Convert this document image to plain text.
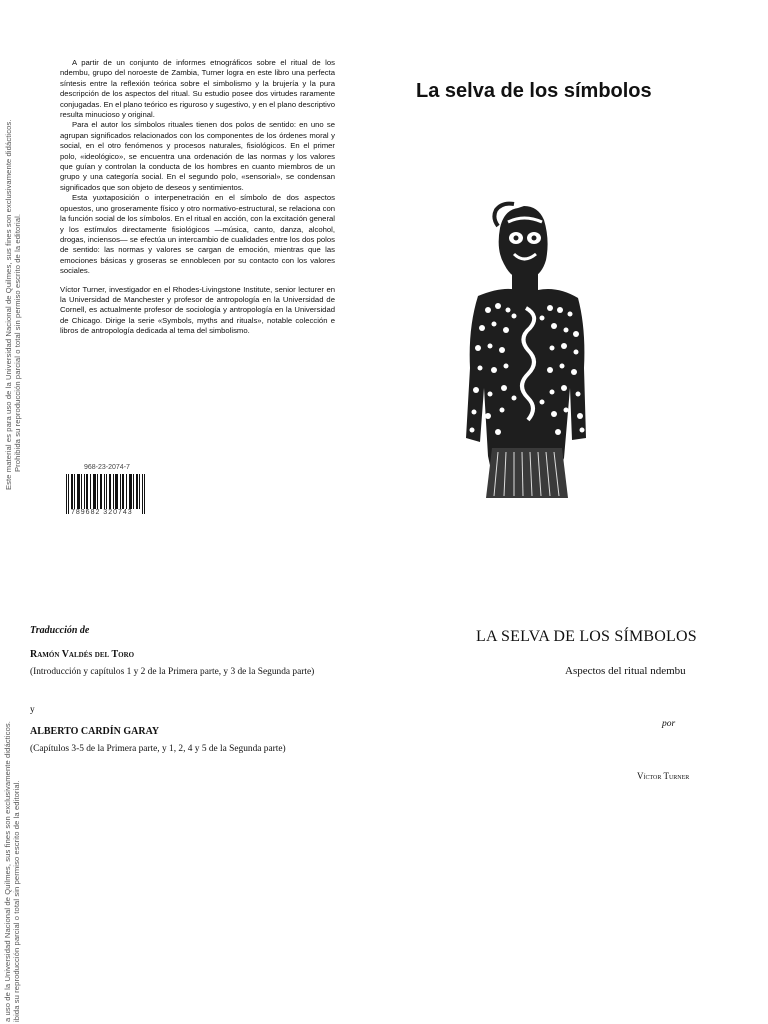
Este material es para uso de la Universidad Nacional de Quilmes, sus fines son exclusivamente didácticos. Prohibida su reproducción parcial o total sin permiso escrito de la editorial.
a uso de la Universidad Nacional de Quilmes, sus fines son exclusivamente didácticos. ibida su reproducción parcial o total sin permiso escrito de la editorial.

A partir de un conjunto de informes etnográficos sobre el ritual de los ndembu, grupo del noroeste de Zambia, Turner logra en este libro una perfecta síntesis entre la reflexión teórica sobre el simbolismo y la brujería y la pura descripción de los aspectos del ritual. Su estudio posee dos virtudes raramente conjugadas. En el plano teórico es riguroso y sugestivo, y en el plano descriptivo resulta minucioso y original.

Para el autor los símbolos rituales tienen dos polos de sentido: en uno se agrupan significados relacionados con los componentes de los órdenes moral y social, en el otro fenómenos y procesos naturales, fisiológicos. En el primer polo, «ideológico», se encuentra una ordenación de las normas y los valores que guían y controlan la conducta de los hombres en cuanto miembros de un grupo y una categoría social. En el segundo polo, «sensorial», se condensan significados que son objeto de deseos y sentimientos.

Esta yuxtaposición o interpenetración en el símbolo de dos aspectos opuestos, uno groseramente físico y otro normativo-estructural, se relaciona con la función social de los símbolos. En el ritual en acción, con la excitación general y los estímulos directamente fisiológicos —música, canto, danza, alcohol, drogas, inciensos— se efectúa un intercambio de cualidades entre los dos polos de sentido: las normas y valores se cargan de emoción, mientras que las emociones básicas y groseras se ennoblecen por su contacto con los valores sociales.

Víctor Turner, investigador en el Rhodes-Livingstone Institute, senior lecturer en la Universidad de Manchester y profesor de antropología en la Universidad de Cornell, es actualmente profesor de sociología y antropología en la Universidad de Chicago. Dirige la serie «Symbols, myths and rituals», notable colección e libros de antropología dedicada al tema del simbolismo.

968-23-2074-7
789682 320743
La selva de los símbolos
Traducción de
Ramón Valdés del Toro
(Introducción y capítulos 1 y 2 de la Primera parte, y 3 de la Segunda parte)
y
ALBERTO CARDÍN GARAY
(Capítulos 3-5 de la Primera parte, y 1, 2, 4 y 5 de la Segunda parte)
LA SELVA DE LOS SÍMBOLOS
Aspectos del ritual ndembu
por
Víctor Turner
